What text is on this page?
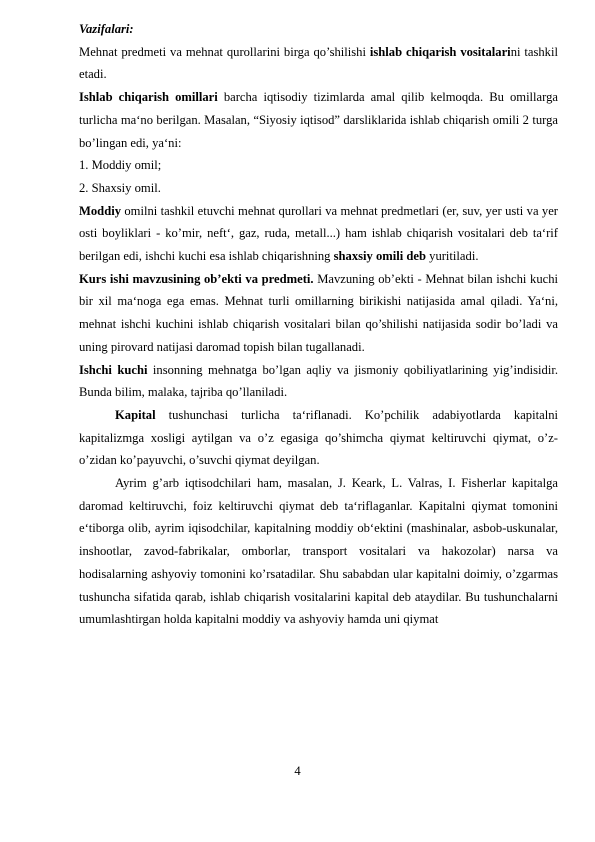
Vazifalari:

Mehnat predmeti va mehnat qurollarini birga qo’shilishi ishlab chiqarish vositalarini tashkil etadi.

Ishlab chiqarish omillari barcha iqtisodiy tizimlarda amal qilib kelmoqda. Bu omillarga turlicha ma‘no berilgan. Masalan, “Siyosiy iqtisod” darsliklarida ishlab chiqarish omili 2 turga bo’lingan edi, ya‘ni:

1. Moddiy omil;

2. Shaxsiy omil.

Moddiy omilni tashkil etuvchi mehnat qurollari va mehnat predmetlari (er, suv, yer usti va yer osti boyliklari - ko’mir, neft‘, gaz, ruda, metall...) ham ishlab chiqarish vositalari deb ta‘rif berilgan edi, ishchi kuchi esa ishlab chiqarishning shaxsiy omili deb yuritiladi.

Kurs ishi mavzusining ob’ekti va predmeti. Mavzuning ob’ekti - Mehnat bilan ishchi kuchi bir xil ma‘noga ega emas. Mehnat turli omillarning birikishi natijasida amal qiladi. Ya‘ni, mehnat ishchi kuchini ishlab chiqarish vositalari bilan qo’shilishi natijasida sodir bo’ladi va uning pirovard natijasi daromad topish bilan tugallanadi.

Ishchi kuchi insonning mehnatga bo’lgan aqliy va jismoniy qobiliyatlarining yig’indisidir. Bunda bilim, malaka, tajriba qo’llaniladi.

Kapital tushunchasi turlicha ta‘riflanadi. Ko’pchilik adabiyotlarda kapitalni kapitalizmga xosligi aytilgan va o’z egasiga qo’shimcha qiymat keltiruvchi qiymat, o’z-o’zidan ko’payuvchi, o’suvchi qiymat deyilgan.

Ayrim g’arb iqtisodchilari ham, masalan, J. Keark, L. Valras, I. Fisherlar kapitalga daromad keltiruvchi, foiz keltiruvchi qiymat deb ta‘riflaganlar. Kapitalni qiymat tomonini e‘tiborga olib, ayrim iqisodchilar, kapitalning moddiy ob‘ektini (mashinalar, asbob-uskunalar, inshootlar, zavod-fabrikalar, omborlar, transport vositalari va hakozolar) narsa va hodisalarning ashyoviy tomonini ko’rsatadilar. Shu sababdan ular kapitalni doimiy, o’zgarmas tushuncha sifatida qarab, ishlab chiqarish vositalarini kapital deb ataydilar. Bu tushunchalarni umumlashtirgan holda kapitalni moddiy va ashyoviy hamda uni qiymat

4
